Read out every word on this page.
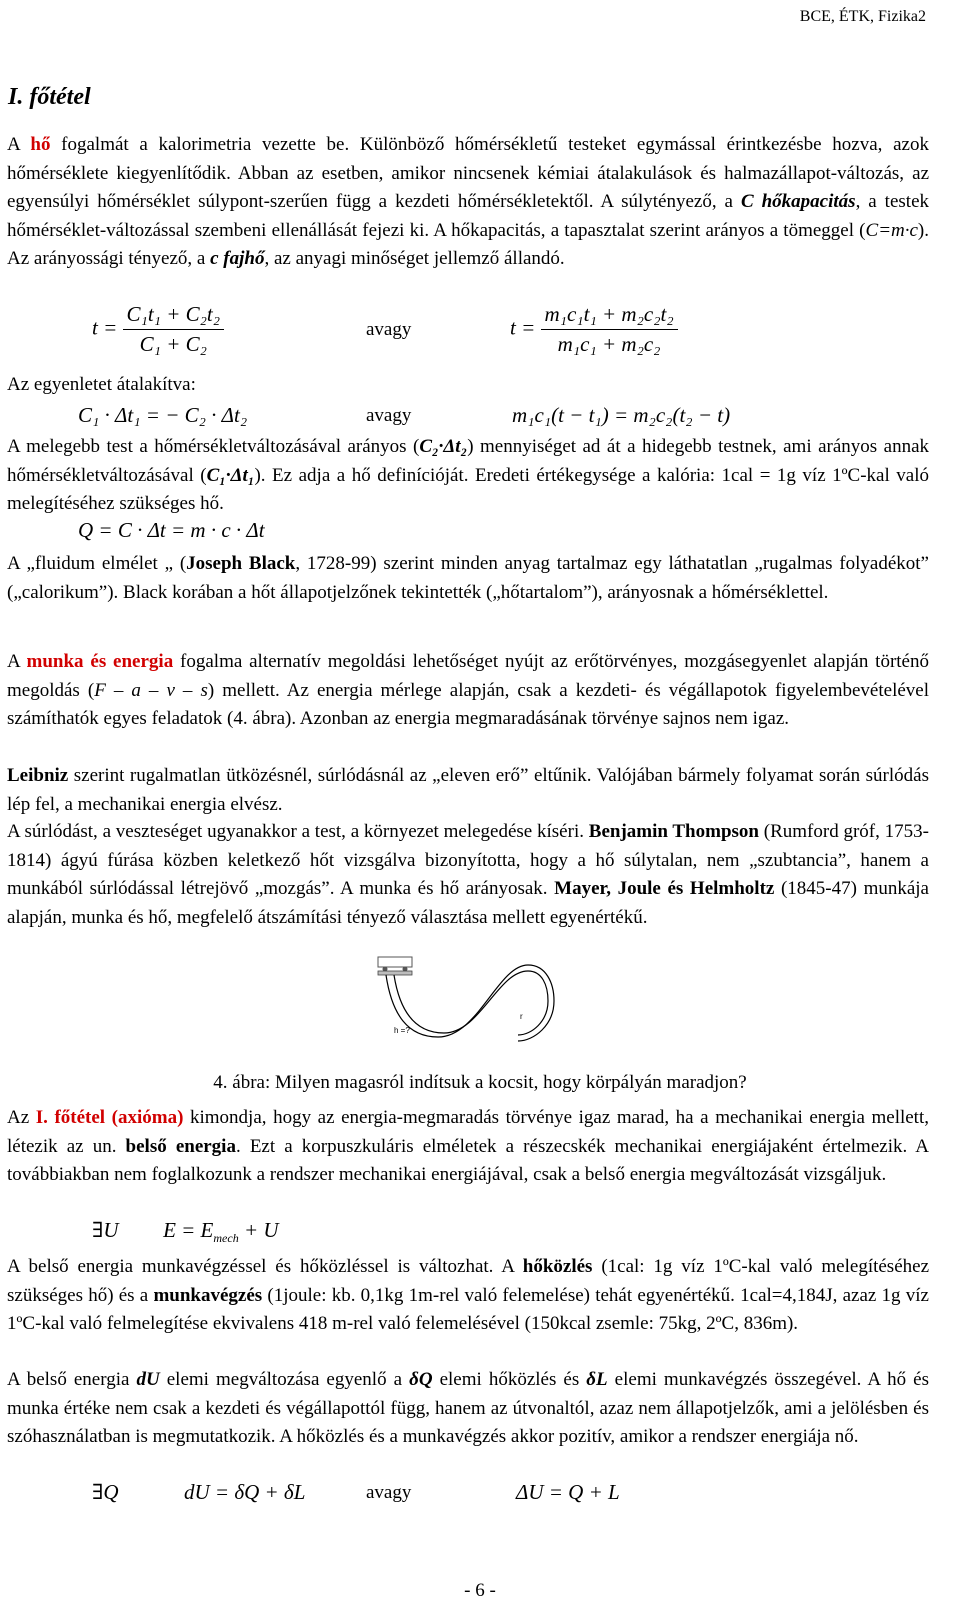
BCE, ÉTK, Fizika2
I. főtétel

A hő fogalmát a kalorimetria vezette be. Különböző hőmérsékletű testeket egymással érintkezésbe hozva, azok hőmérséklete kiegyenlítődik. Abban az esetben, amikor nincsenek kémiai átalakulások és halmazállapot-változás, az egyensúlyi hőmérséklet súlypont-szerűen függ a kezdeti hőmérsékletektől. A súlytényező, a C hőkapacitás, a testek hőmérséklet-változással szembeni ellenállását fejezi ki. A hőkapacitás, a tapasztalat szerint arányos a tömeggel (C=m·c). Az arányossági tényező, a c fajhő, az anyagi minőséget jellemző állandó.

$t = \frac{\text{C₁t₁ + C₂t₂}}{\text{C₁ + C₂}}$	avagy	$t = \frac{\text{m₁c₁t₁ + m₂c₂t₂}}{\text{m₁c₁ + m₂c₂}}$
Az egyenletet átalakítva:
C₁ · Δt₁ = − C₂ · Δt₂	avagy	m₁c₁(t − t₁) = m₂c₂(t₂ − t)

A melegebb test a hőmérsékletváltozásával arányos (C₂·Δt₂) mennyiséget ad át a hidegebb testnek, ami arányos annak hőmérsékletváltozásával (C₁·Δt₁). Ez adja a hő definícióját. Eredeti értékegysége a kalória: 1cal = 1g víz 1ºC-kal való melegítéséhez szükséges hő.

Q = C · Δt = m · c · Δt

A „fluidum elmélet „ (Joseph Black, 1728-99) szerint minden anyag tartalmaz egy láthatatlan „rugalmas folyadékot” („calorikum”). Black korában a hőt állapotjelzőnek tekintették („hőtartalom”), arányosnak a hőmérséklettel.

A munka és energia fogalma alternatív megoldási lehetőséget nyújt az erőtörvényes, mozgásegyenlet alapján történő megoldás (F – a – v – s) mellett. Az energia mérlege alapján, csak a kezdeti- és végállapotok figyelembevételével számíthatók egyes feladatok (4. ábra). Azonban az energia megmaradásának törvénye sajnos nem igaz.

Leibniz szerint rugalmatlan ütközésnél, súrlódásnál az „eleven erő” eltűnik. Valójában bármely folyamat során súrlódás lép fel, a mechanikai energia elvész.

A súrlódást, a veszteséget ugyanakkor a test, a környezet melegedése kíséri. Benjamin Thompson (Rumford gróf, 1753-1814) ágyú fúrása közben keletkező hőt vizsgálva bizonyította, hogy a hő súlytalan, nem „szubtancia”, hanem a munkából súrlódással létrejövő „mozgás”. A munka és hő arányosak. Mayer, Joule és Helmholtz (1845-47) munkája alapján, munka és hő, megfelelő átszámítási tényező választása mellett egyenértékű.

h =?
r
4. ábra: Milyen magasról indítsuk a kocsit, hogy körpályán maradjon?

Az I. főtétel (axióma) kimondja, hogy az energia-megmaradás törvénye igaz marad, ha a mechanikai energia mellett, létezik az un. belső energia. Ezt a korpuszkuláris elméletek a részecskék mechanikai energiájaként értelmezik. A továbbiakban nem foglalkozunk a rendszer mechanikai energiájával, csak a belső energia megváltozását vizsgáljuk.

∃U $E = E_{mech} + U$

A belső energia munkavégzéssel és hőközléssel is változhat. A hőközlés (1cal: 1g víz 1ºC-kal való melegítéséhez szükséges hő) és a munkavégzés (1joule: kb. 0,1kg 1m-rel való felemelése) tehát egyenértékű. 1cal=4,184J, azaz 1g víz 1ºC-kal való felmelegítése ekvivalens 418 m-rel való felemelésével (150kcal zsemle: 75kg, 2ºC, 836m).

A belső energia dU elemi megváltozása egyenlő a δQ elemi hőközlés és δL elemi munkavégzés összegével. A hő és munka értéke nem csak a kezdeti és végállapottól függ, hanem az útvonaltól, azaz nem állapotjelzők, ami a jelölésben és szóhasználatban is megmutatkozik. A hőközlés és a munkavégzés akkor pozitív, amikor a rendszer energiája nő.

∃Q	dU = δQ + δL	avagy	ΔU = Q + L
- 6 -
